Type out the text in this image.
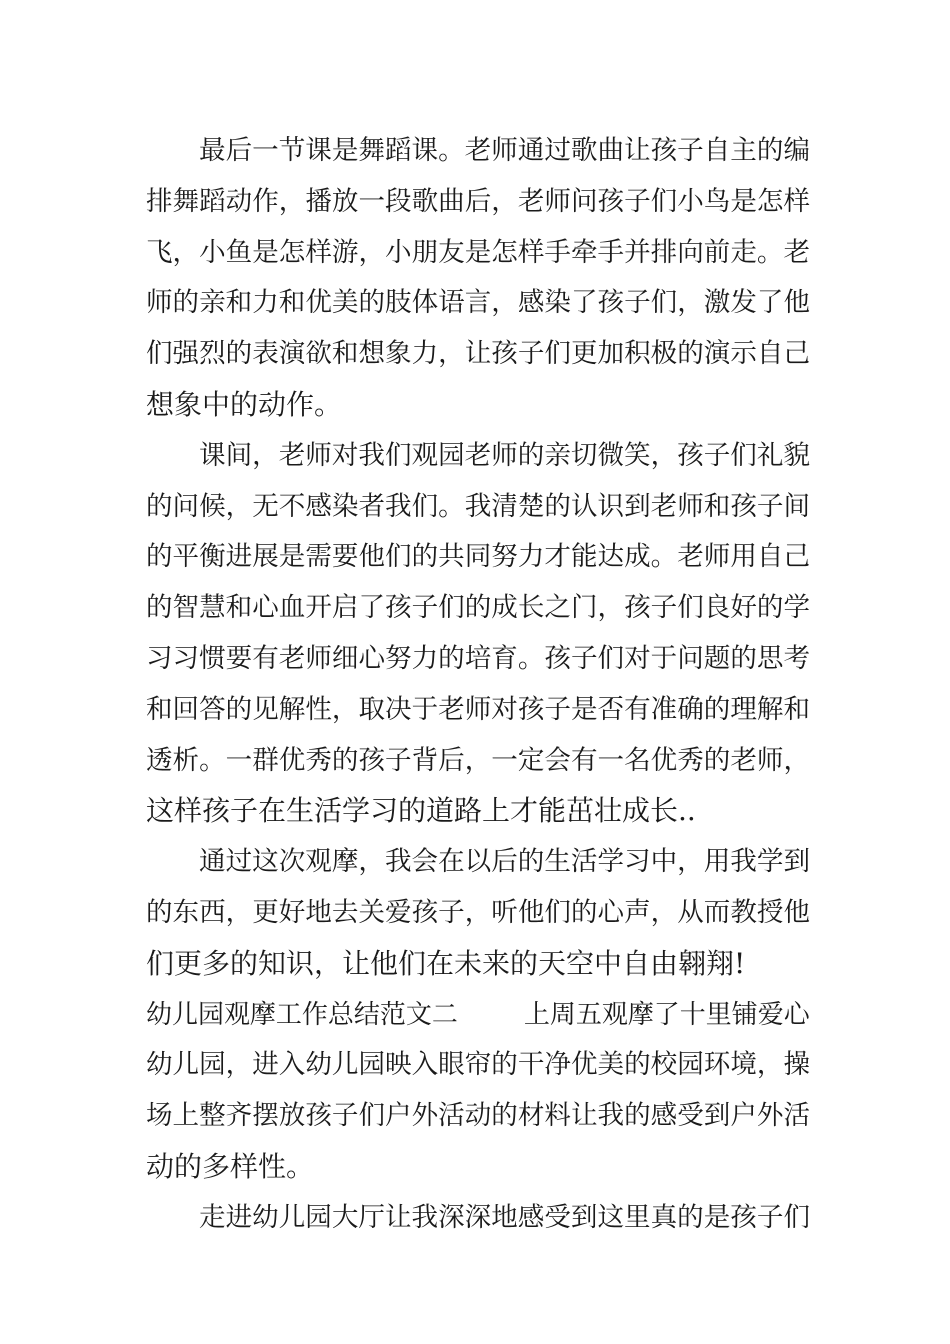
最后一节课是舞蹈课。老师通过歌曲让孩子自主的编
排舞蹈动作，播放一段歌曲后，老师问孩子们小鸟是怎样
飞，小鱼是怎样游，小朋友是怎样手牵手并排向前走。老
师的亲和力和优美的肢体语言，感染了孩子们，激发了他
们强烈的表演欲和想象力，让孩子们更加积极的演示自己
想象中的动作。
课间，老师对我们观园老师的亲切微笑，孩子们礼貌
的问候，无不感染者我们。我清楚的认识到老师和孩子间
的平衡进展是需要他们的共同努力才能达成。老师用自己
的智慧和心血开启了孩子们的成长之门，孩子们良好的学
习习惯要有老师细心努力的培育。孩子们对于问题的思考
和回答的见解性，取决于老师对孩子是否有准确的理解和
透析。一群优秀的孩子背后，一定会有一名优秀的老师，
这样孩子在生活学习的道路上才能茁壮成长..
通过这次观摩，我会在以后的生活学习中，用我学到
的东西，更好地去关爱孩子，听他们的心声，从而教授他
们更多的知识，让他们在未来的天空中自由翱翔!
幼儿园观摩工作总结范文二        上周五观摩了十里铺爱心
幼儿园，进入幼儿园映入眼帘的干净优美的校园环境，操
场上整齐摆放孩子们户外活动的材料让我的感受到户外活
动的多样性。
走进幼儿园大厅让我深深地感受到这里真的是孩子们
